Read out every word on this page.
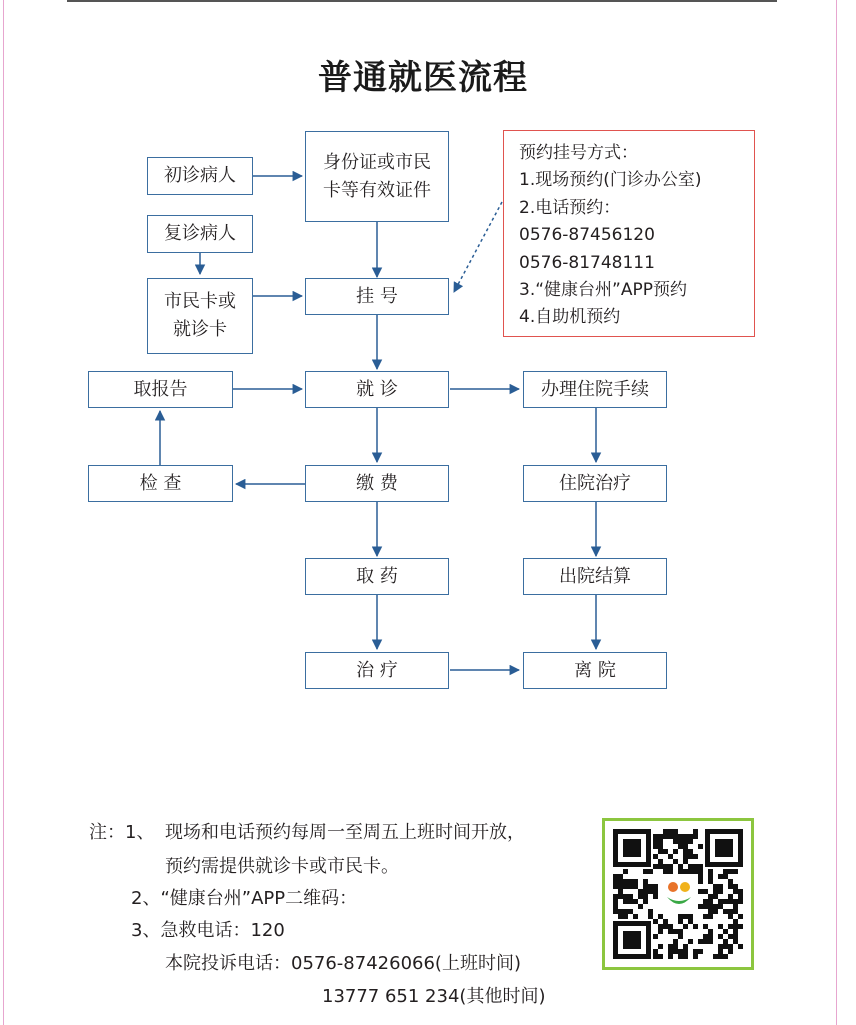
普通就医流程
初诊病人
身份证或市民卡等有效证件
复诊病人
市民卡或就诊卡
挂 号
取报告	就 诊	办理住院手续
检 查	缴 费	住院治疗
取 药	出院结算
治 疗	离 院
预约挂号方式：
1.现场预约(门诊办公室)
2.电话预约：
0576-87456120
0576-81748111
3.“健康台州”APP预约
4.自助机预约
注：1、 现场和电话预约每周一至周五上班时间开放，
预约需提供就诊卡或市民卡。
2、“健康台州”APP二维码：
3、急救电话：120
本院投诉电话：0576-87426066(上班时间)
13777 651 234(其他时间)
